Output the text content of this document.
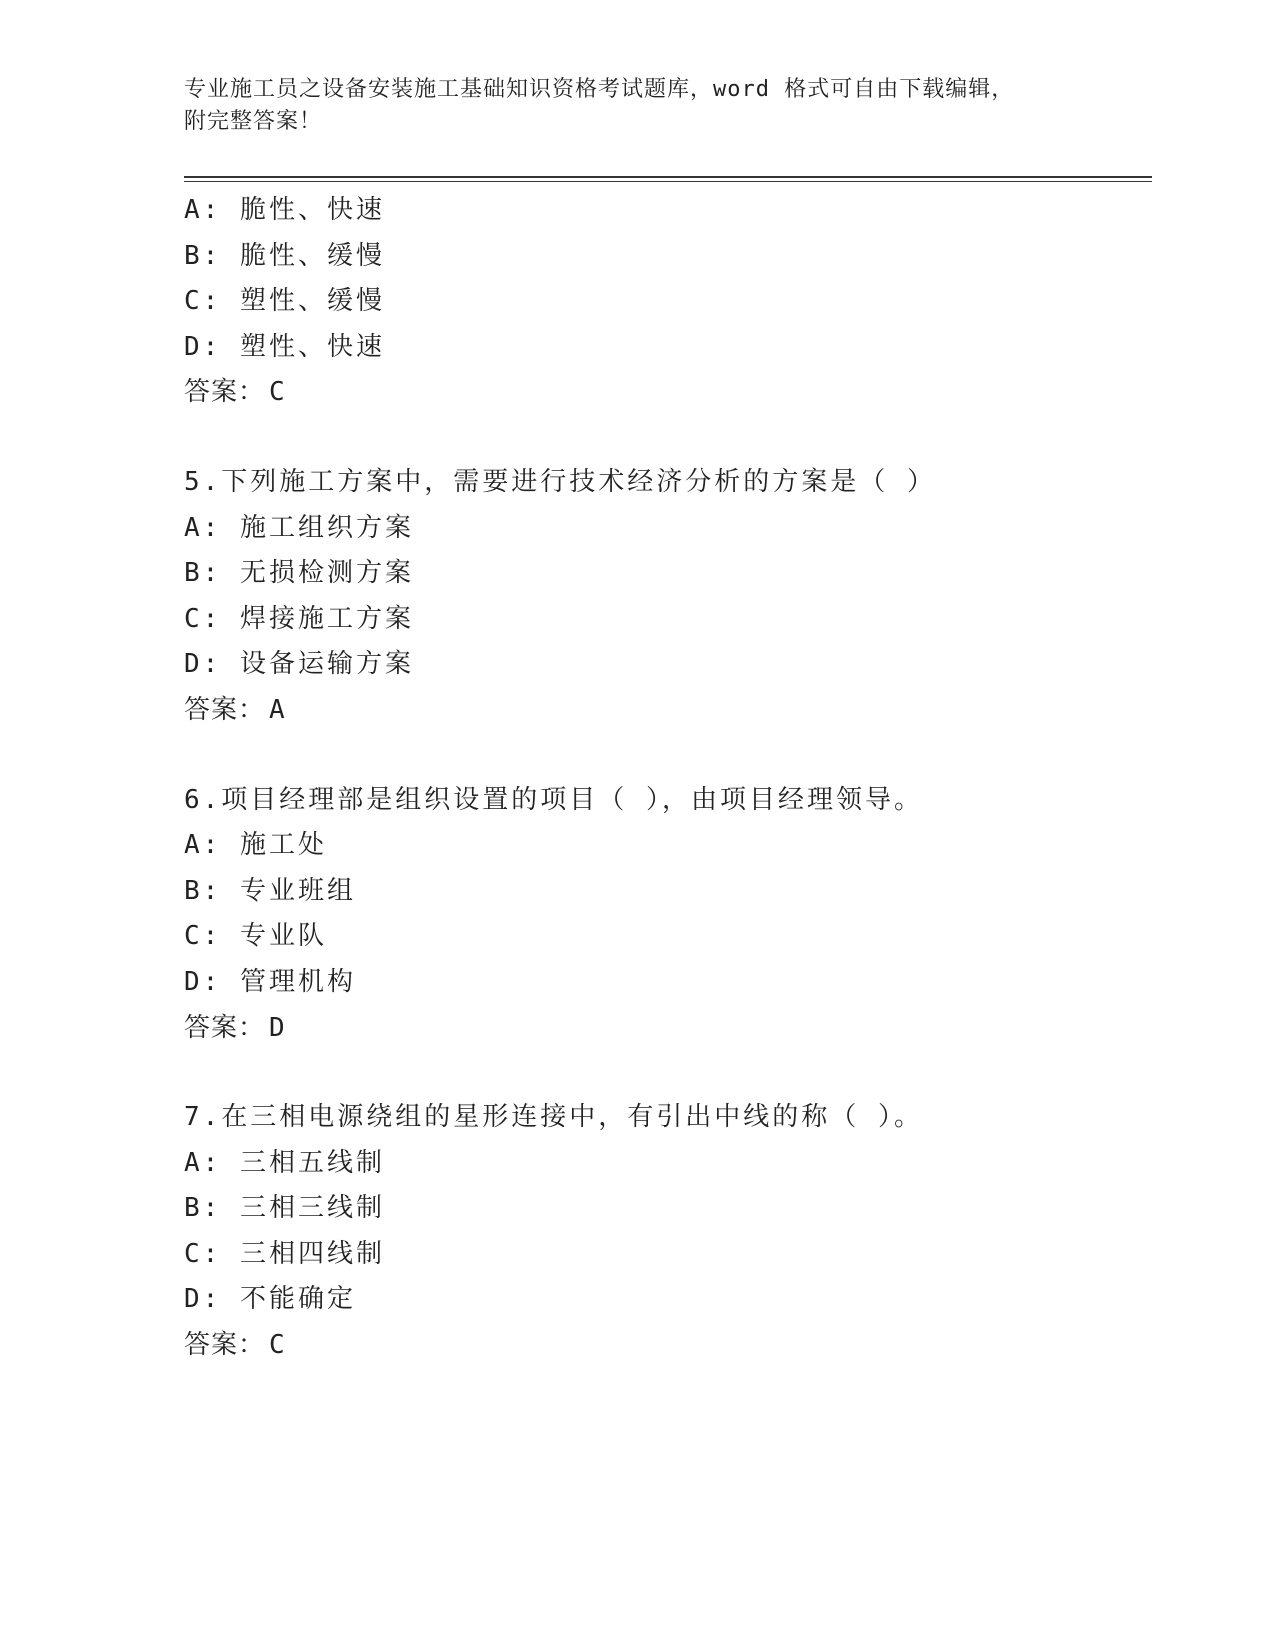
专业施工员之设备安装施工基础知识资格考试题库，word 格式可自由下载编辑，
附完整答案！
A: 脆性、快速
B: 脆性、缓慢
C: 塑性、缓慢
D: 塑性、快速
答案： C
5.下列施工方案中，需要进行技术经济分析的方案是（ ）
A: 施工组织方案
B: 无损检测方案
C: 焊接施工方案
D: 设备运输方案
答案： A
6.项目经理部是组织设置的项目（ ），由项目经理领导。
A: 施工处
B: 专业班组
C: 专业队
D: 管理机构
答案： D
7.在三相电源绕组的星形连接中，有引出中线的称（ ）。
A: 三相五线制
B: 三相三线制
C: 三相四线制
D: 不能确定
答案： C
